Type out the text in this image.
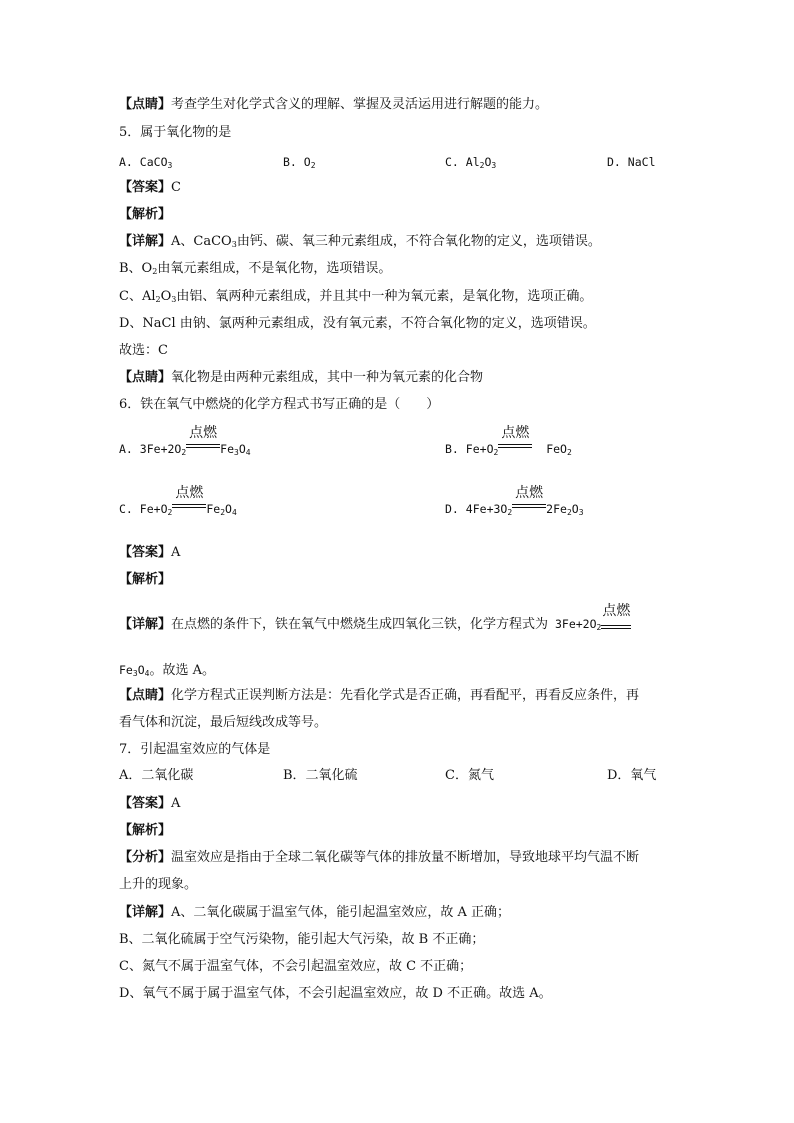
【点睛】考查学生对化学式含义的理解、掌握及灵活运用进行解题的能力。
5．属于氧化物的是
A. CaCO$_3$	B. $O_2$	C. $Al_2O_3$	D. NaCl
【答案】C
【解析】
【详解】A、CaCO$_3$由钙、碳、氧三种元素组成，不符合氧化物的定义，选项错误。
B、$O_2$由氧元素组成，不是氧化物，选项错误。
C、$Al_2O_3$由铝、氧两种元素组成，并且其中一种为氧元素，是氧化物，选项正确。
D、NaCl 由钠、氯两种元素组成，没有氧元素，不符合氧化物的定义，选项错误。
故选：C
【点睛】氧化物是由两种元素组成，其中一种为氧元素的化合物
6．铁在氧气中燃烧的化学方程式书写正确的是（　　）
A. $3Fe+2O_2$
点燃
$Fe_3O_4$	B. $Fe+O_2$
点燃
FeO$_2$
C. $Fe+O_2$
点燃
$Fe_2O_4$	D. $4Fe+3O_2$
点燃
$2Fe_2O_3$
【答案】A
【解析】
【详解】在点燃的条件下，铁在氧气中燃烧生成四氧化三铁，化学方程式为 $3Fe+2O_2$
点燃
$Fe_3O_4$。故选 A。
【点睛】化学方程式正误判断方法是：先看化学式是否正确，再看配平，再看反应条件，再
看气体和沉淀，最后短线改成等号。
7．引起温室效应的气体是
A．二氧化碳	B．二氧化硫	C．氮气	D．氧气
【答案】A
【解析】
【分析】温室效应是指由于全球二氧化碳等气体的排放量不断增加，导致地球平均气温不断
上升的现象。
【详解】A、二氧化碳属于温室气体，能引起温室效应，故 A 正确；
B、二氧化硫属于空气污染物，能引起大气污染，故 B 不正确；
C、氮气不属于温室气体，不会引起温室效应，故 C 不正确；
D、氧气不属于属于温室气体，不会引起温室效应，故 D 不正确。故选 A。
